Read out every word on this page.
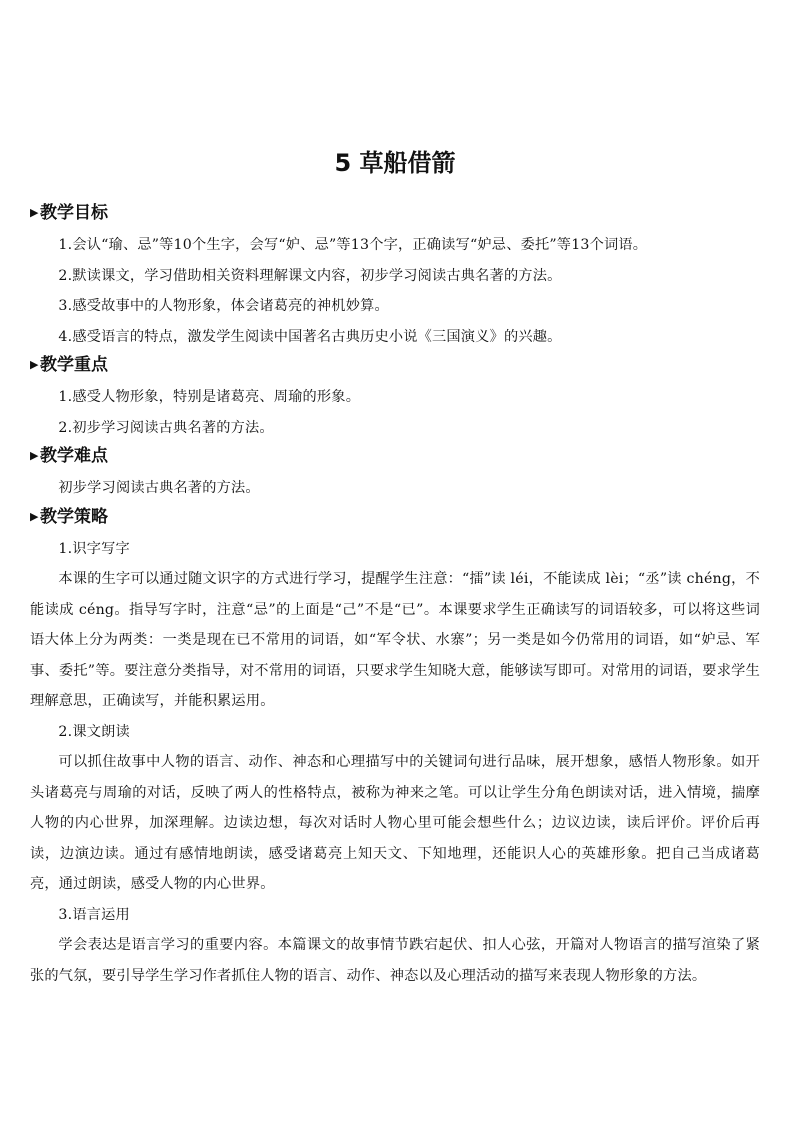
5 草船借箭
▶教学目标

1.会认“瑜、忌”等10个生字，会写“妒、忌”等13个字，正确读写“妒忌、委托”等13个词语。

2.默读课文，学习借助相关资料理解课文内容，初步学习阅读古典名著的方法。

3.感受故事中的人物形象，体会诸葛亮的神机妙算。

4.感受语言的特点，激发学生阅读中国著名古典历史小说《三国演义》的兴趣。

▶教学重点

1.感受人物形象，特别是诸葛亮、周瑜的形象。

2.初步学习阅读古典名著的方法。

▶教学难点

初步学习阅读古典名著的方法。

▶教学策略

1.识字写字

本课的生字可以通过随文识字的方式进行学习，提醒学生注意：“擂”读 léi，不能读成 lèi；“丞”读 chéng，不能读成 céng。指导写字时，注意“忌”的上面是“己”不是“已”。本课要求学生正确读写的词语较多，可以将这些词语大体上分为两类：一类是现在已不常用的词语，如“军令状、水寨”；另一类是如今仍常用的词语，如“妒忌、军事、委托”等。要注意分类指导，对不常用的词语，只要求学生知晓大意，能够读写即可。对常用的词语，要求学生理解意思，正确读写，并能积累运用。

2.课文朗读

可以抓住故事中人物的语言、动作、神态和心理描写中的关键词句进行品味，展开想象，感悟人物形象。如开头诸葛亮与周瑜的对话，反映了两人的性格特点，被称为神来之笔。可以让学生分角色朗读对话，进入情境，揣摩人物的内心世界，加深理解。边读边想，每次对话时人物心里可能会想些什么；边议边读，读后评价。评价后再读，边演边读。通过有感情地朗读，感受诸葛亮上知天文、下知地理，还能识人心的英雄形象。把自己当成诸葛亮，通过朗读，感受人物的内心世界。

3.语言运用

学会表达是语言学习的重要内容。本篇课文的故事情节跌宕起伏、扣人心弦，开篇对人物语言的描写渲染了紧张的气氛，要引导学生学习作者抓住人物的语言、动作、神态以及心理活动的描写来表现人物形象的方法。
